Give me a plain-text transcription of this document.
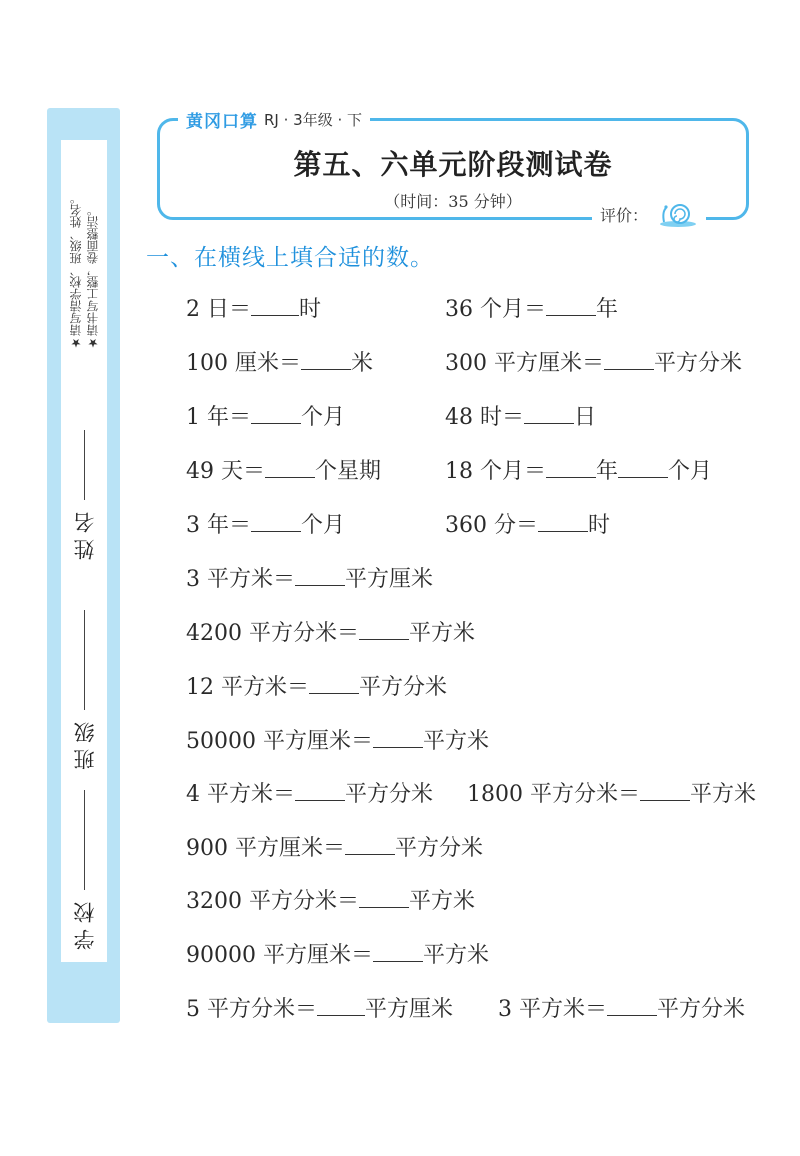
★请写清学校、班级、姓名。 ★请书写工整，卷面整洁。
姓名
班级
学校
黄冈口算 RJ · 3年级 · 下
第五、六单元阶段测试卷
（时间：35 分钟）
评价：
一、在横线上填合适的数。
2 日＝ 时	36 个月＝ 年
100 厘米＝ 米	300 平方厘米＝ 平方分米
1 年＝ 个月	48 时＝ 日
49 天＝ 个星期	18 个月＝ 年 个月
3 年＝ 个月	360 分＝ 时
3 平方米＝ 平方厘米
4200 平方分米＝ 平方米
12 平方米＝ 平方分米
50000 平方厘米＝ 平方米
4 平方米＝ 平方分米 1800 平方分米＝ 平方米
900 平方厘米＝ 平方分米
3200 平方分米＝ 平方米
90000 平方厘米＝ 平方米
5 平方分米＝ 平方厘米 3 平方米＝ 平方分米
